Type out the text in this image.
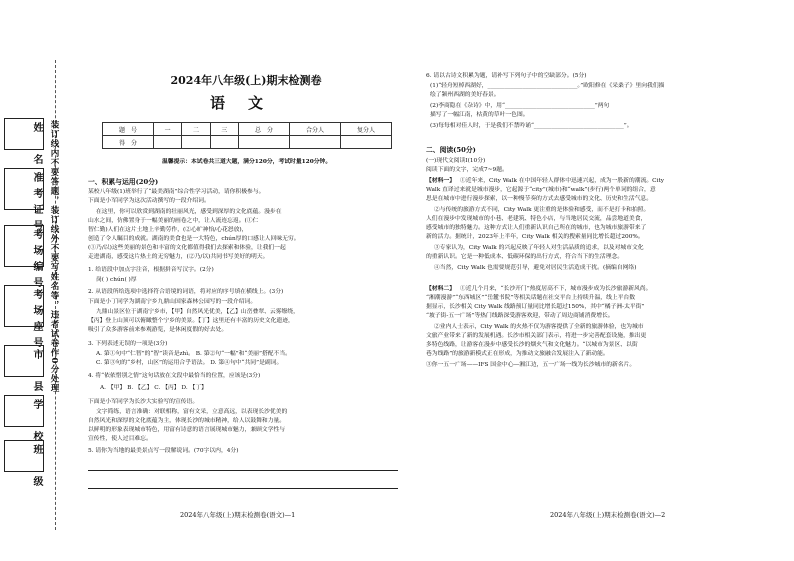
姓　名
准考证号
考场编号
考场座号
市　县
学　校
班　级
装订线内不要答题，装订线外不要写姓名等，违者试卷作0分处理
2024年八年级(上)期末检测卷
语　文
题　号	一	二	三	总　分	合分人	复分人
得　分						
温馨提示：本试卷共三道大题，满分120分，考试时量120分钟。
一、积累与运用(20分)
某校八年级(1)班举行了“最美湖南”综合性学习活动，请你积极参与。
下面是小军同学为这次活动撰写的一段介绍词。
在这里，你可以欣赏到湖南的壮丽风光，感受到深厚的文化底蕴。漫步在
山水之间，仿佛置身于一幅美丽的画卷之中，让人流连忘返。(①仁
智仁勤)人们在这片土地上辛勤劳作，(②心旷神怡/心花怒放)，
创造了令人瞩目的成就。湖南的美食也是一大特色，chún厚的口感让人回味无穷。
(①乃/以)这些美丽的景色和丰富的文化都值得我们去探索和体验，让我们一起
走进湖南，感受这片热土的无穷魅力，(②乃/以)共同书写美好的明天。
1. 给语段中加点字注音，根据拼音写汉字。(2分)
岗( ) chún( )厚
2. 从语段所给选项中选择符合语境的词语，将对应的序号填在横线上。(3分)
下面是小丁同学为湖南宁乡九鼎山国家森林公园写的一段介绍词。
九鼎山景区位于湖南宁乡市，【甲】自然风光优美，【乙】山峦叠翠、云雾缭绕，
【丙】登上山顶可以俯瞰整个宁乡的美景。【丁】这里还有丰富的历史文化遗迹，
吸引了众多游客前来参观游览，是休闲度假的好去处。
3. 下列表述无误的一项是(3分)
A. 第①句中“仁智”的“智”读音是zhì。 B. 第②句“一幅”和“美丽”搭配不当。
C. 第③句的“乡村，山区”的运用合乎语法。 D. 第④句中“共同”是副词。
4. 将“依依惜别之情”这句话放在文段中最恰当的位置，应该是(3分)
A. 【甲】 B. 【乙】 C. 【丙】 D. 【丁】
下面是小军同学为长沙大实验写的宣传语。
文字简练，语言准确：对联相称，富有文采，立意高远，以表现长沙优美的
自然风光和深厚的文化底蕴为主，体现长沙的城市精神，给人以鼓舞和力量。
以鲜明的形象表现城市特色，用富有诗意的语言展现城市魅力，兼顾文学性与
宣传性，使人过目难忘。
5. 请你为当地的最美景点写一段解说词。(70字以内，4分)
2024年八年级(上)期末检测卷(语文)—1
6. 请以古诗文积累为题，请补写下列句子中的空缺部分。(5分)
(1)“轻舟短棹西湖好，_______________________________。”欧阳修在《采桑子》里向我们描
绘了颍州西湖的美好春景。
(2)李商隐在《杂诗》中，用“_______________________________”两句
描写了一幅江南，枯黄的草叶一色图。
(3)每每相对佳人时，于是我们不禁吟诵“_______________________________”。
二、阅读(50分)
(一)现代文阅读Ⅰ(10分)
阅读下面的文字，完成7~9题。
【材料一】 ①近年来，City Walk 在中国年轻人群体中迅速兴起，成为一股新的潮流。City
Walk 直译过来就是城市漫步，它起源于“city”(城市)和“walk”(步行)两个单词的组合，意
思是在城市中进行漫步探索，以一种慢节奏的方式去感受城市的文化、历史和生活气息。
②与传统的旅游方式不同，City Walk 更注重的是体验和感受，而不是打卡和拍照。
人们在漫步中发现城市的小巷、老建筑、特色小店，与当地居民交流，品尝地道美食，
感受城市的独特魅力。这种方式让人们重新认识自己所在的城市，也为城市旅游带来了
新的活力。据统计，2023年上半年，City Walk 相关的搜索量同比增长超过200%。
③专家认为，City Walk 的兴起反映了年轻人对生活品质的追求，以及对城市文化
的重新认识。它是一种低成本、低碳环保的出行方式，符合当下的生活理念。
④当然，City Walk 也需要规范引导，避免对居民生活造成干扰。(摘编自网络)
【材料二】 ①近几个月来，“长沙开门”热度居高不下，城市漫步成为长沙旅游新风尚。
“湘潮漫游”“东西城区”“岳麓书院”等相关话题在社交平台上持续升温，线上平台数
据显示，长沙相关 City Walk 线路预订量同比增长超过150%，其中“橘子洲-太平街”
“坡子街-五一广场”等热门线路深受游客欢迎，带动了周边商铺消费增长。
②业内人士表示，City Walk 的火热不仅为游客提供了全新的旅游体验，也为城市
文旅产业带来了新的发展机遇。长沙市相关部门表示，将进一步完善配套设施，推出更
多特色线路，让游客在漫步中感受长沙的烟火气和文化魅力。“以城市为景区、以街
巷为线路”的旅游新模式正在形成，为推动文旅融合发展注入了新动能。
③你一五一广场——IFS 国金中心—湘江边，五一广场一线为长沙城市的新名片。
2024年八年级(上)期末检测卷(语文)—2
